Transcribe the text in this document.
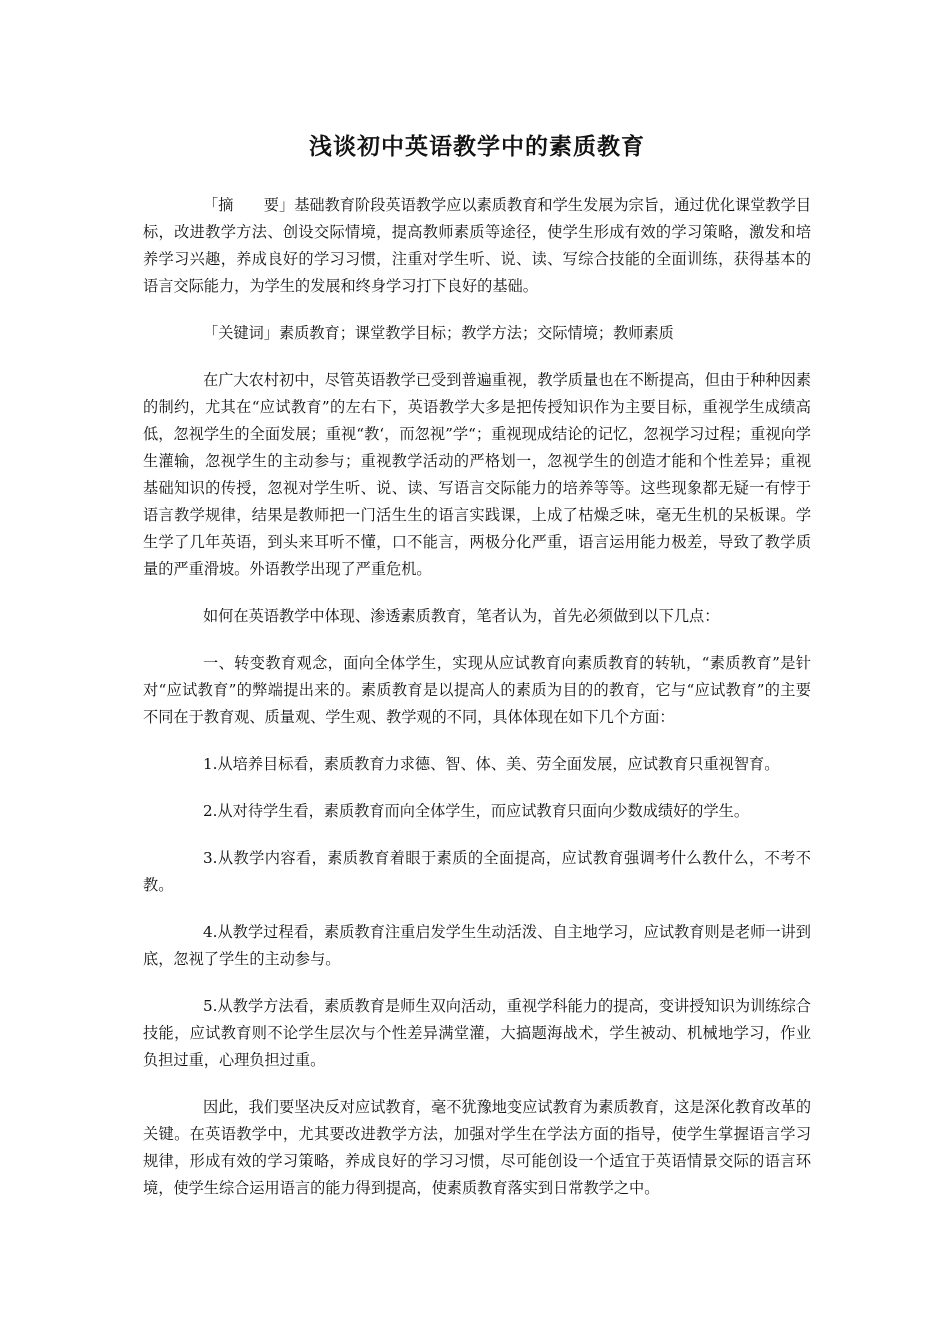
浅谈初中英语教学中的素质教育

「摘　　要」基础教育阶段英语教学应以素质教育和学生发展为宗旨，通过优化课堂教学目标，改进教学方法、创设交际情境，提高教师素质等途径，使学生形成有效的学习策略，激发和培养学习兴趣，养成良好的学习习惯，注重对学生听、说、读、写综合技能的全面训练，获得基本的语言交际能力，为学生的发展和终身学习打下良好的基础。

「关键词」素质教育；课堂教学目标；教学方法；交际情境；教师素质

在广大农村初中，尽管英语教学已受到普遍重视，教学质量也在不断提高，但由于种种因素的制约，尤其在“应试教育”的左右下，英语教学大多是把传授知识作为主要目标，重视学生成绩高低，忽视学生的全面发展；重视“教‘，而忽视”学“；重视现成结论的记忆，忽视学习过程；重视向学生灌输，忽视学生的主动参与；重视教学活动的严格划一，忽视学生的创造才能和个性差异；重视基础知识的传授，忽视对学生听、说、读、写语言交际能力的培养等等。这些现象都无疑一有悖于语言教学规律，结果是教师把一门活生生的语言实践课，上成了枯燥乏味，毫无生机的呆板课。学生学了几年英语，到头来耳听不懂，口不能言，两极分化严重，语言运用能力极差，导致了教学质量的严重滑坡。外语教学出现了严重危机。

如何在英语教学中体现、渗透素质教育，笔者认为，首先必须做到以下几点：

一、转变教育观念，面向全体学生，实现从应试教育向素质教育的转轨，“素质教育”是针对“应试教育”的弊端提出来的。素质教育是以提高人的素质为目的的教育，它与“应试教育”的主要不同在于教育观、质量观、学生观、教学观的不同，具体体现在如下几个方面：

1.从培养目标看，素质教育力求德、智、体、美、劳全面发展，应试教育只重视智育。

2.从对待学生看，素质教育而向全体学生，而应试教育只面向少数成绩好的学生。

3.从教学内容看，素质教育着眼于素质的全面提高，应试教育强调考什么教什么，不考不教。

4.从教学过程看，素质教育注重启发学生生动活泼、自主地学习，应试教育则是老师一讲到底，忽视了学生的主动参与。

5.从教学方法看，素质教育是师生双向活动，重视学科能力的提高，变讲授知识为训练综合技能，应试教育则不论学生层次与个性差异满堂灌，大搞题海战术，学生被动、机械地学习，作业负担过重，心理负担过重。

因此，我们要坚决反对应试教育，毫不犹豫地变应试教育为素质教育，这是深化教育改革的关键。在英语教学中，尤其要改进教学方法，加强对学生在学法方面的指导，使学生掌握语言学习规律，形成有效的学习策略，养成良好的学习习惯，尽可能创设一个适宜于英语情景交际的语言环境，使学生综合运用语言的能力得到提高，使素质教育落实到日常教学之中。
